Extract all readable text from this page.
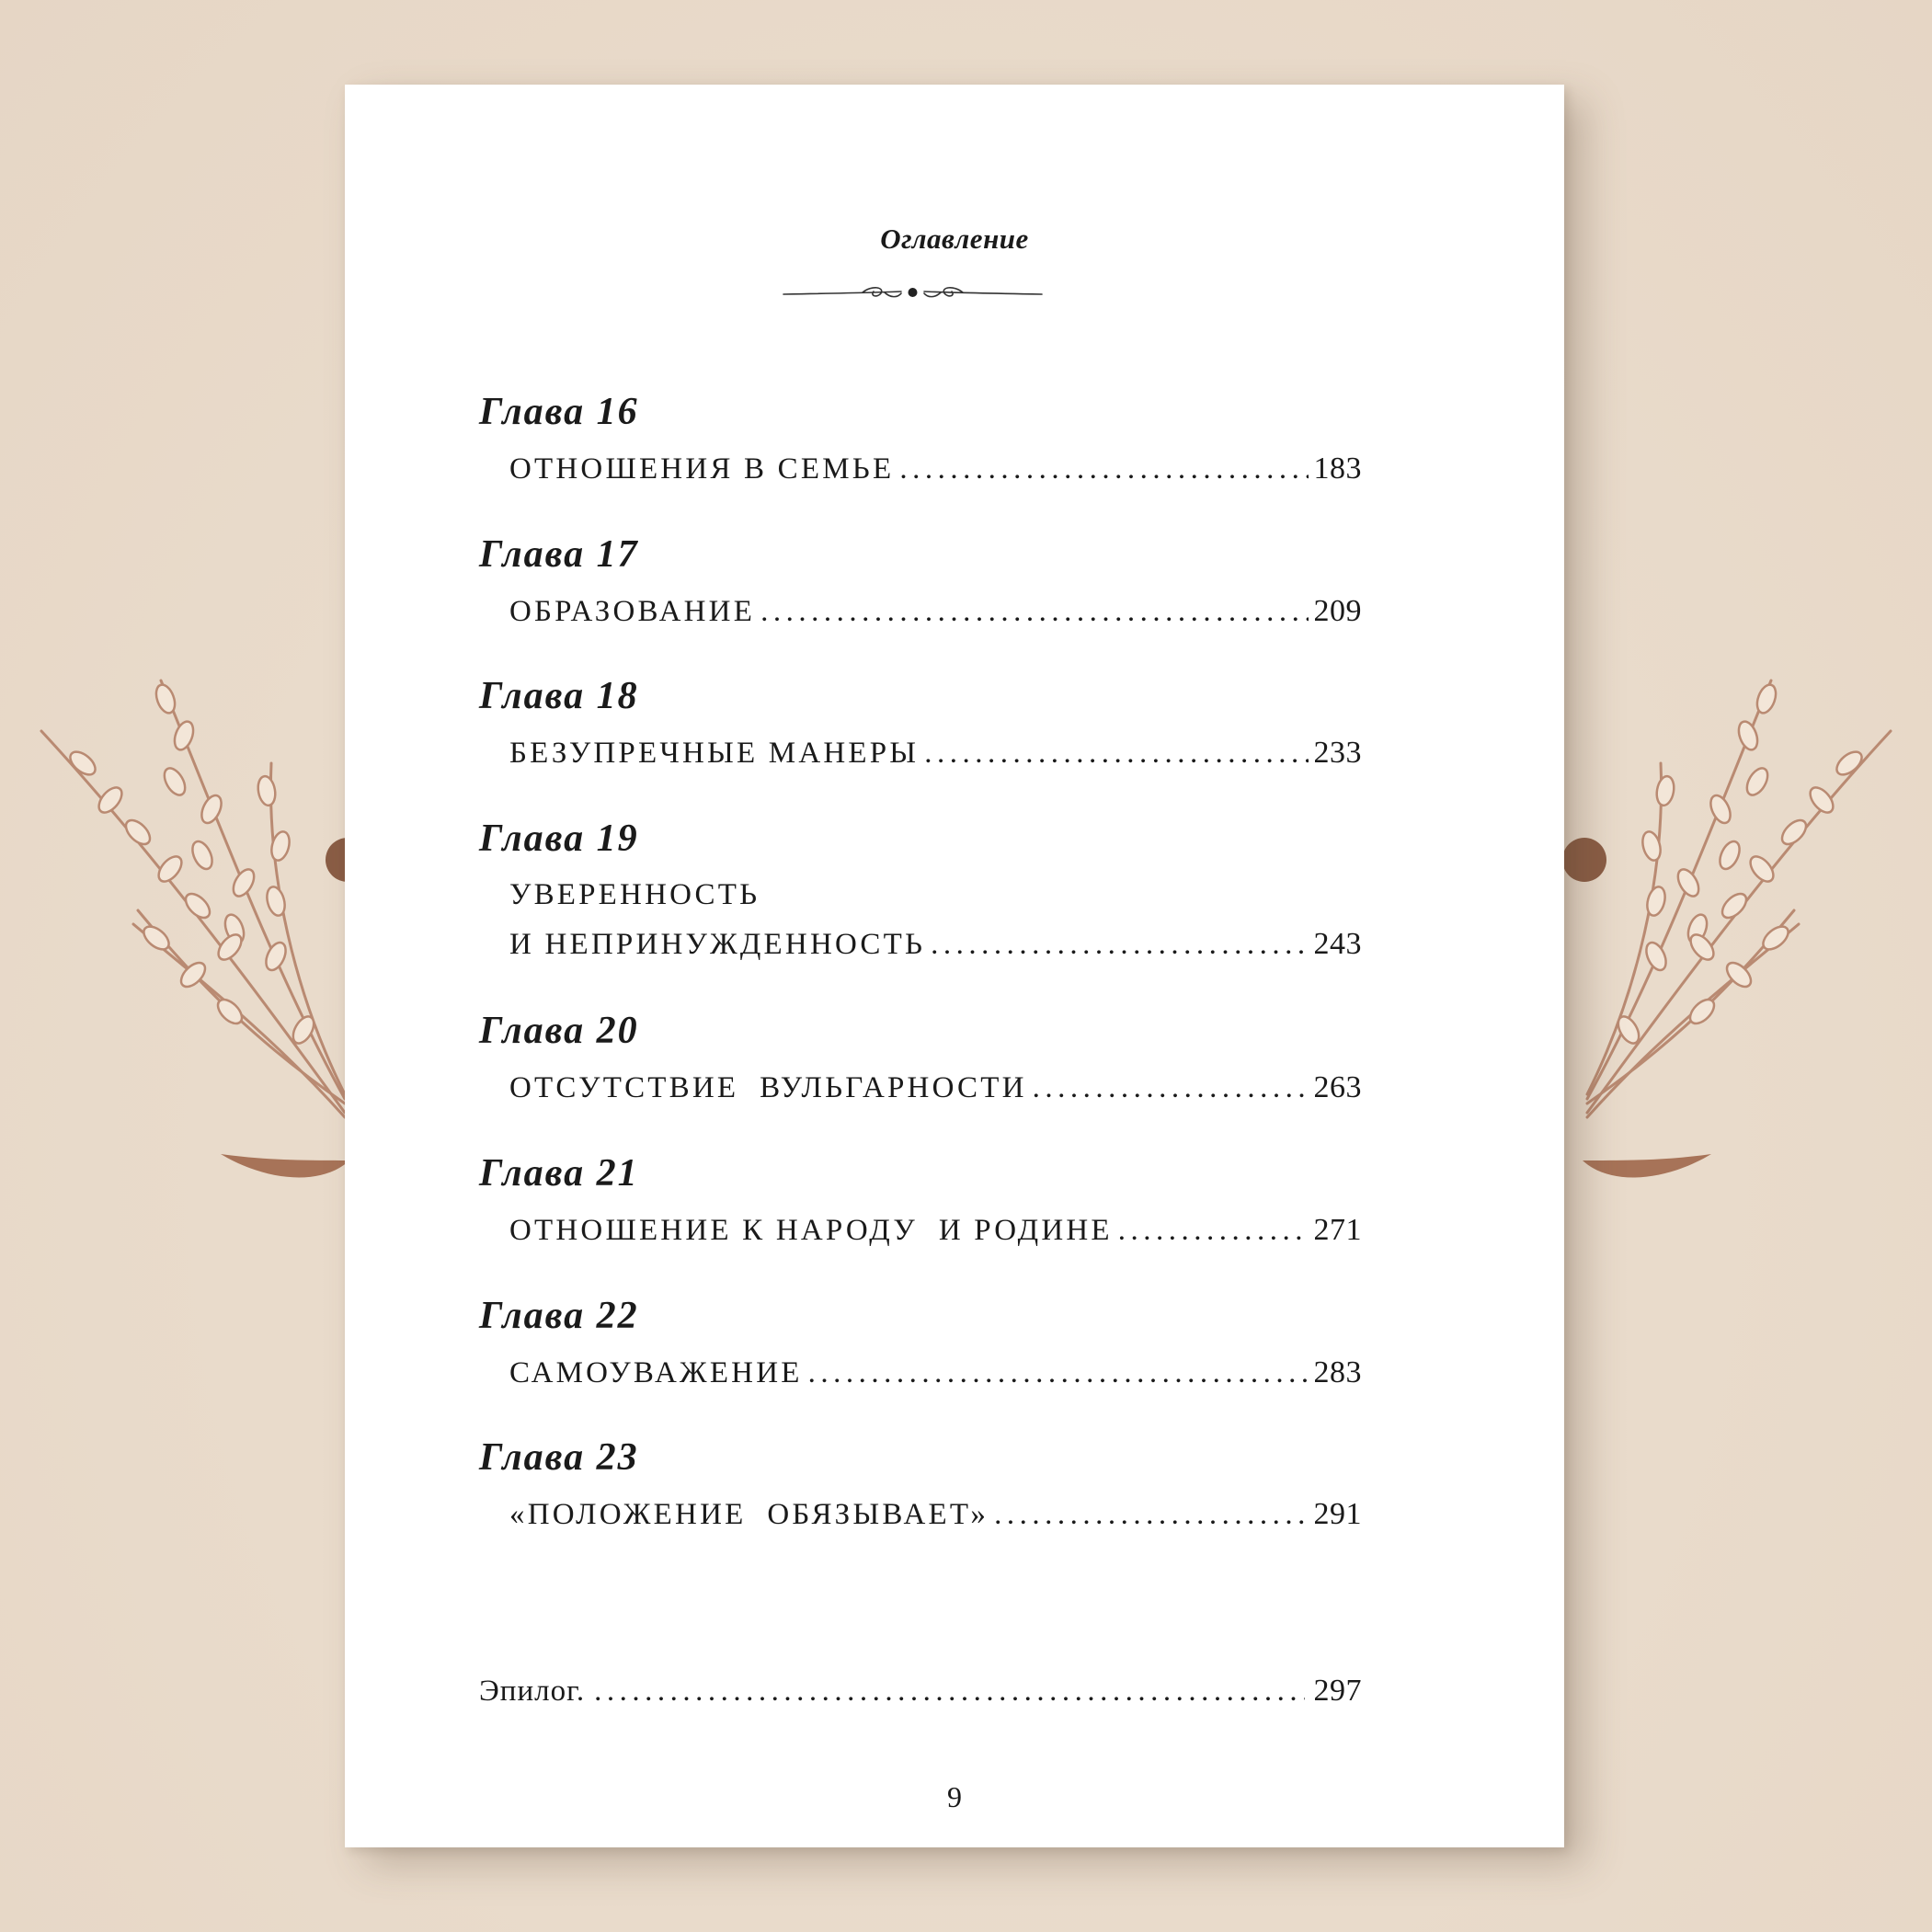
Оглавление
Глава 16
ОТНОШЕНИЯ В СЕМЬЕ .....	183
Глава 17
ОБРАЗОВАНИЕ .....	209
Глава 18
БЕЗУПРЕЧНЫЕ МАНЕРЫ .....	233
Глава 19
УВЕРЕННОСТЬ
И НЕПРИНУЖДЕННОСТЬ .....	243
Глава 20
ОТСУТСТВИЕ  ВУЛЬГАРНОСТИ .....	263
Глава 21
ОТНОШЕНИЕ К НАРОДУ  И РОДИНЕ .....	271
Глава 22
САМОУВАЖЕНИЕ .....	283
Глава 23
«ПОЛОЖЕНИЕ  ОБЯЗЫВАЕТ» .....	291
Эпилог. .....	297
9
